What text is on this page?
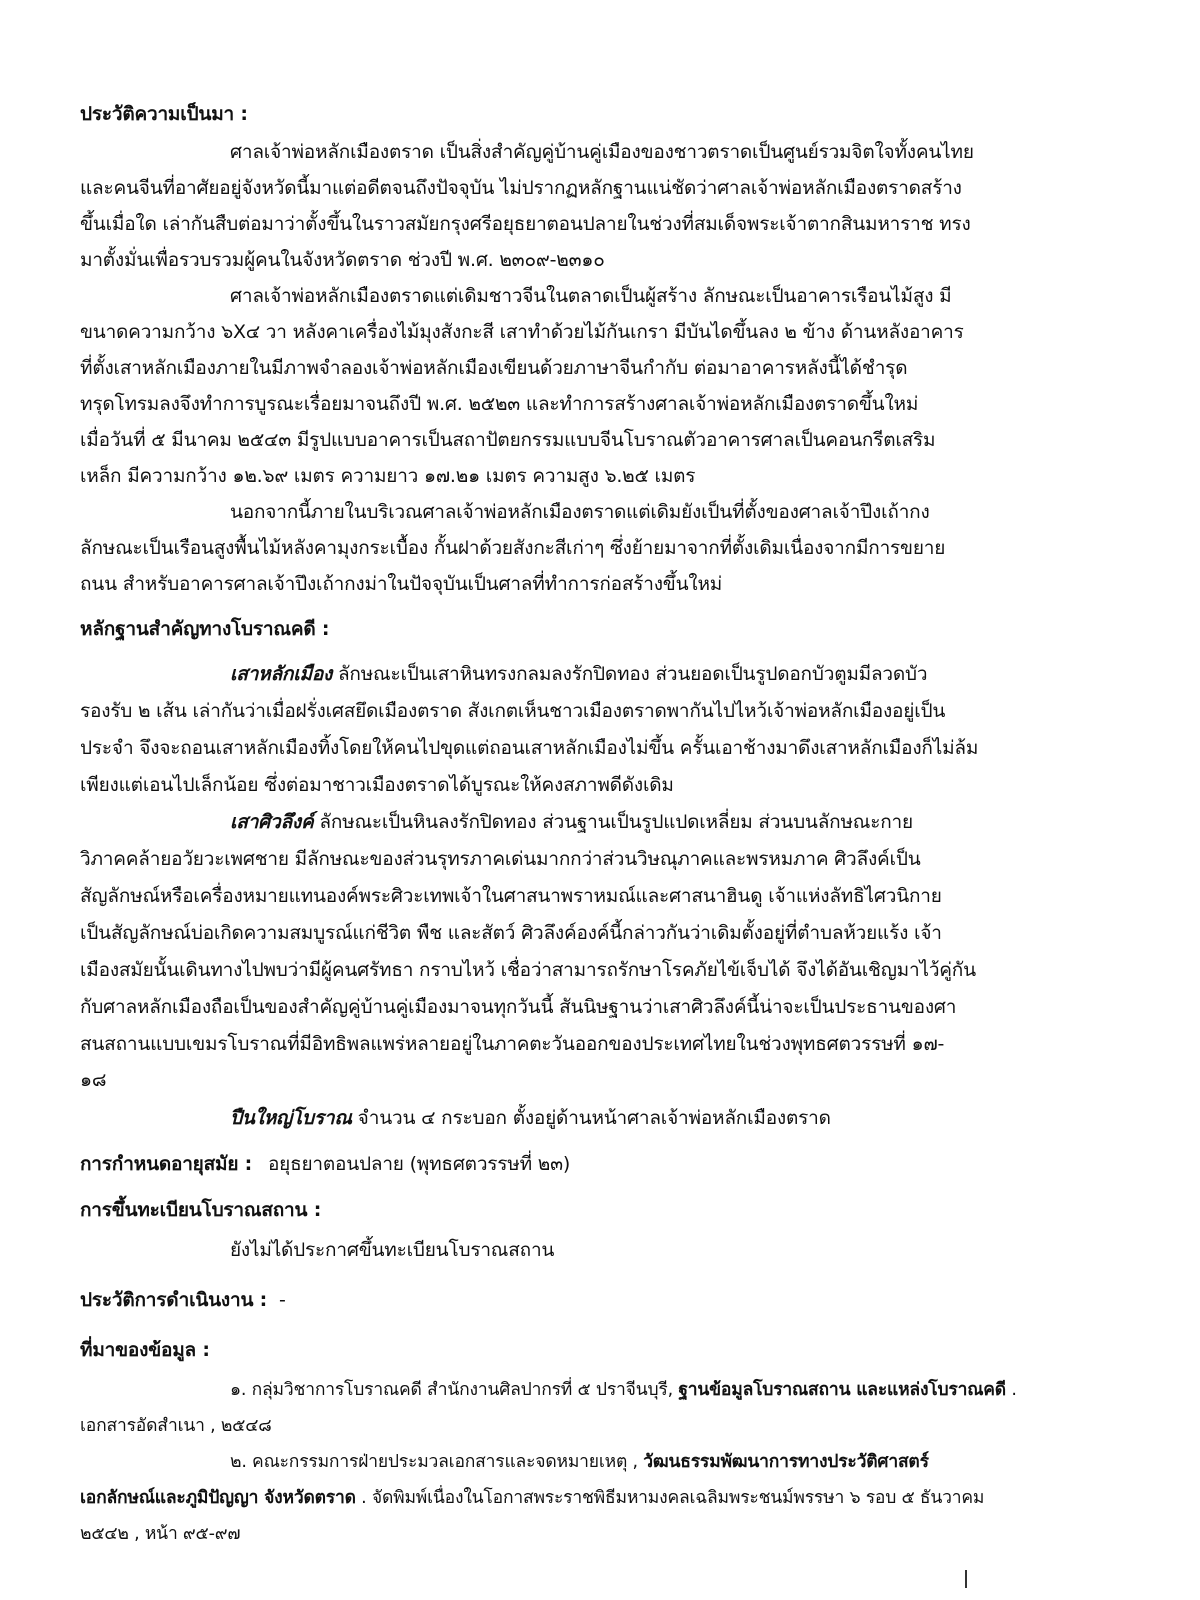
ประวัติความเป็นมา :
ศาลเจ้าพ่อหลักเมืองตราด เป็นสิ่งสำคัญคู่บ้านคู่เมืองของชาวตราดเป็นศูนย์รวมจิตใจทั้งคนไทย
และคนจีนที่อาศัยอยู่จังหวัดนี้มาแต่อดีตจนถึงปัจจุบัน ไม่ปรากฏหลักฐานแน่ชัดว่าศาลเจ้าพ่อหลักเมืองตราดสร้าง
ขึ้นเมื่อใด เล่ากันสืบต่อมาว่าตั้งขึ้นในราวสมัยกรุงศรีอยุธยาตอนปลายในช่วงที่สมเด็จพระเจ้าตากสินมหาราช ทรง
มาตั้งมั่นเพื่อรวบรวมผู้คนในจังหวัดตราด ช่วงปี พ.ศ. ๒๓๐๙-๒๓๑๐
ศาลเจ้าพ่อหลักเมืองตราดแต่เดิมชาวจีนในตลาดเป็นผู้สร้าง ลักษณะเป็นอาคารเรือนไม้สูง มี
ขนาดความกว้าง ๖X๔ วา หลังคาเครื่องไม้มุงสังกะสี เสาทำด้วยไม้กันเกรา มีบันไดขึ้นลง ๒ ข้าง ด้านหลังอาคาร
ที่ตั้งเสาหลักเมืองภายในมีภาพจำลองเจ้าพ่อหลักเมืองเขียนด้วยภาษาจีนกำกับ ต่อมาอาคารหลังนี้ได้ชำรุด
ทรุดโทรมลงจึงทำการบูรณะเรื่อยมาจนถึงปี พ.ศ. ๒๕๒๓ และทำการสร้างศาลเจ้าพ่อหลักเมืองตราดขึ้นใหม่
เมื่อวันที่ ๕ มีนาคม ๒๕๔๓ มีรูปแบบอาคารเป็นสถาปัตยกรรมแบบจีนโบราณตัวอาคารศาลเป็นคอนกรีตเสริม
เหล็ก มีความกว้าง ๑๒.๖๙ เมตร ความยาว ๑๗.๒๑ เมตร ความสูง ๖.๒๕ เมตร
นอกจากนี้ภายในบริเวณศาลเจ้าพ่อหลักเมืองตราดแต่เดิมยังเป็นที่ตั้งของศาลเจ้าปึงเถ้ากง
ลักษณะเป็นเรือนสูงพื้นไม้หลังคามุงกระเบื้อง กั้นฝาด้วยสังกะสีเก่าๆ ซึ่งย้ายมาจากที่ตั้งเดิมเนื่องจากมีการขยาย
ถนน สำหรับอาคารศาลเจ้าปึงเถ้ากงม่าในปัจจุบันเป็นศาลที่ทำการก่อสร้างขึ้นใหม่
หลักฐานสำคัญทางโบราณคดี :
เสาหลักเมือง ลักษณะเป็นเสาหินทรงกลมลงรักปิดทอง ส่วนยอดเป็นรูปดอกบัวตูมมีลวดบัว
รองรับ ๒ เส้น เล่ากันว่าเมื่อฝรั่งเศสยึดเมืองตราด สังเกตเห็นชาวเมืองตราดพากันไปไหว้เจ้าพ่อหลักเมืองอยู่เป็น
ประจำ จึงจะถอนเสาหลักเมืองทิ้งโดยให้คนไปขุดแต่ถอนเสาหลักเมืองไม่ขึ้น ครั้นเอาช้างมาดึงเสาหลักเมืองก็ไม่ล้ม
เพียงแต่เอนไปเล็กน้อย ซึ่งต่อมาชาวเมืองตราดได้บูรณะให้คงสภาพดีดังเดิม
เสาศิวลึงค์ ลักษณะเป็นหินลงรักปิดทอง ส่วนฐานเป็นรูปแปดเหลี่ยม ส่วนบนลักษณะกาย
วิภาคคล้ายอวัยวะเพศชาย มีลักษณะของส่วนรุทรภาคเด่นมากกว่าส่วนวิษณุภาคและพรหมภาค ศิวลึงค์เป็น
สัญลักษณ์หรือเครื่องหมายแทนองค์พระศิวะเทพเจ้าในศาสนาพราหมณ์และศาสนาฮินดู เจ้าแห่งลัทธิไศวนิกาย
เป็นสัญลักษณ์บ่อเกิดความสมบูรณ์แก่ชีวิต พืช และสัตว์ ศิวลึงค์องค์นี้กล่าวกันว่าเดิมตั้งอยู่ที่ตำบลห้วยแร้ง เจ้า
เมืองสมัยนั้นเดินทางไปพบว่ามีผู้คนศรัทธา กราบไหว้ เชื่อว่าสามารถรักษาโรคภัยไข้เจ็บได้ จึงได้อันเชิญมาไว้คู่กัน
กับศาลหลักเมืองถือเป็นของสำคัญคู่บ้านคู่เมืองมาจนทุกวันนี้ สันนิษฐานว่าเสาศิวลึงค์นี้น่าจะเป็นประธานของศา
สนสถานแบบเขมรโบราณที่มีอิทธิพลแพร่หลายอยู่ในภาคตะวันออกของประเทศไทยในช่วงพุทธศตวรรษที่ ๑๗-
๑๘
ปืนใหญ่โบราณ จำนวน ๔ กระบอก ตั้งอยู่ด้านหน้าศาลเจ้าพ่อหลักเมืองตราด
การกำหนดอายุสมัย : อยุธยาตอนปลาย (พุทธศตวรรษที่ ๒๓)
การขึ้นทะเบียนโบราณสถาน :
ยังไม่ได้ประกาศขึ้นทะเบียนโบราณสถาน
ประวัติการดำเนินงาน : -
ที่มาของข้อมูล :
๑. กลุ่มวิชาการโบราณคดี สำนักงานศิลปากรที่ ๕ ปราจีนบุรี, ฐานข้อมูลโบราณสถาน และแหล่งโบราณคดี .
เอกสารอัดสำเนา , ๒๕๔๘
๒. คณะกรรมการฝ่ายประมวลเอกสารและจดหมายเหตุ , วัฒนธรรมพัฒนาการทางประวัติศาสตร์
เอกลักษณ์และภูมิปัญญา จังหวัดตราด . จัดพิมพ์เนื่องในโอกาสพระราชพิธีมหามงคลเฉลิมพระชนม์พรรษา ๖ รอบ ๕ ธันวาคม
๒๕๔๒ , หน้า ๙๕-๙๗
